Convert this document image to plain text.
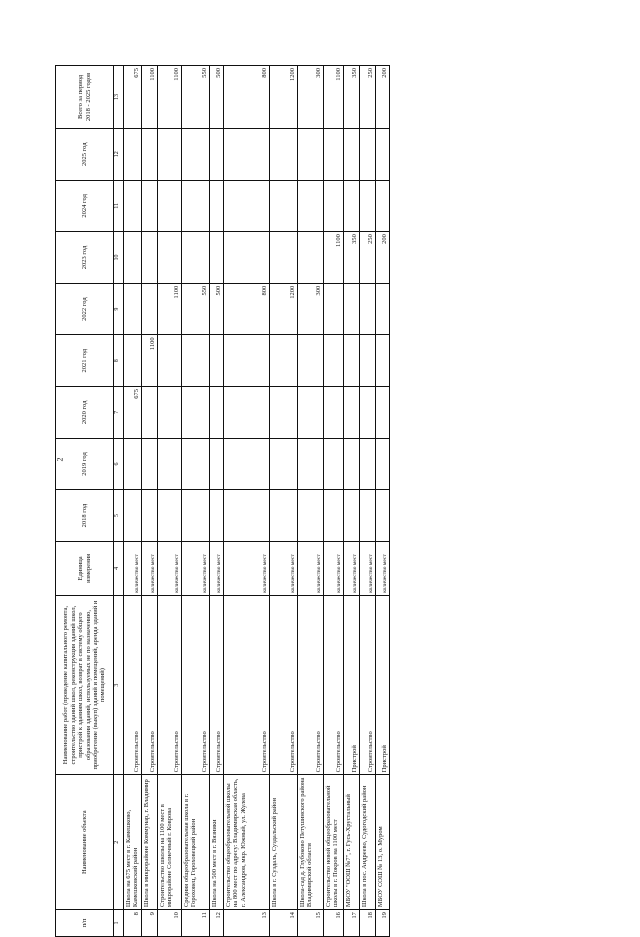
2
п/п	Наименование объекта	Наименование работ (проведение капитального ремонта, строительство зданий школ, реконструкция зданий школ, пристрой к зданиям школ, возврат в систему общего образования зданий, используемых не по назначению, приобретение (выкуп) зданий и помещений, аренда зданий и помещений)	Единица измерения	2018 год	2019 год	2020 год	2021 год	2022 год	2023 год	2024 год	2025 год	Всего за период 2018 - 2025 годов
1	2	3	4	5	6	7	8	9	10	11	12	13
8	Школа на 675 мест в г. Камешково, Камешковский район	Строительство	количество мест			675						675
9	Школа в микрорайоне Коммунар, г. Владимир	Строительство	количество мест				1100					1100
10	Строительство школы на 1100 мест в микрорайоне Солнечный г. Коврова	Строительство	количество мест					1100				1100
11	Средняя общеобразовательная школа в г. Гороховец, Гороховецкий район	Строительство	количество мест					550				550
12	Школа на 500 мест в г. Вязники	Строительство	количество мест					500				500
13	Строительство общеобразовательной школы на 800 мест по адресу: Владимирская область, г. Александров, мкр. Южный, ул. Жулева	Строительство	количество мест					800				800
14	Школа в г. Суздаль, Суздальский район	Строительство	количество мест					1200				1200
15	Школа-сад д. Глубоково Петушинского района Владимирской области	Строительство	количество мест					300				300
16	Строительство новой общеобразовательной школы в г. Покров на 1100 мест	Строительство	количество мест						1100			1100
17	МБОУ "ООШ №7", г. Гусь-Хрустальный	Пристрой	количество мест						350			350
18	Школа в пос. Андреево, Судогодский район	Строительство	количество мест						250			250
19	МБОУ СОШ № 13, о. Муром	Пристрой	количество мест						200			200
